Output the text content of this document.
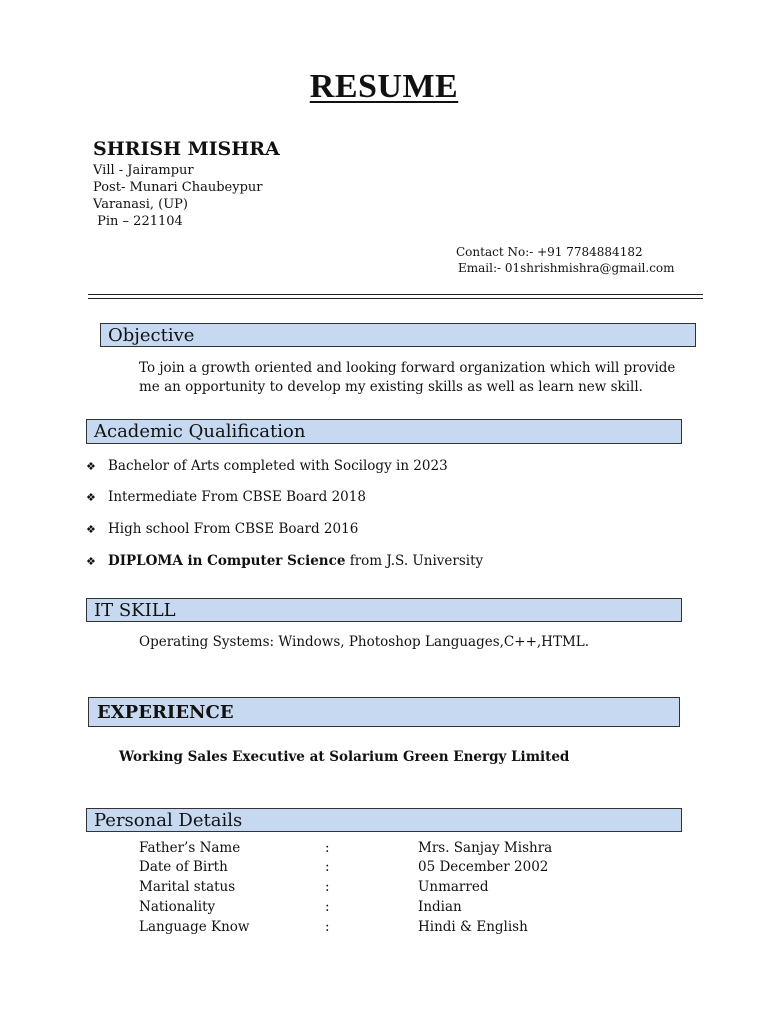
RESUME
SHRISH MISHRA
Vill - Jairampur
Post- Munari Chaubeypur
Varanasi, (UP)
Pin – 221104
Contact No:- +91 7784884182
Email:- 01shrishmishra@gmail.com
Objective
To join a growth oriented and looking forward organization which will provide
me an opportunity to develop my existing skills as well as learn new skill.
Academic Qualification
❖ Bachelor of Arts completed with Socilogy in 2023
❖ Intermediate From CBSE Board 2018
❖ High school From CBSE Board 2016
❖ DIPLOMA in Computer Science from J.S. University
IT SKILL
Operating Systems: Windows, Photoshop Languages,C++,HTML.
EXPERIENCE
Working Sales Executive at Solarium Green Energy Limited
Personal Details
Father’s Name	:	Mrs. Sanjay Mishra
Date of Birth	:	05 December 2002
Marital status	:	Unmarred
Nationality	:	Indian
Language Know	:	Hindi & English
